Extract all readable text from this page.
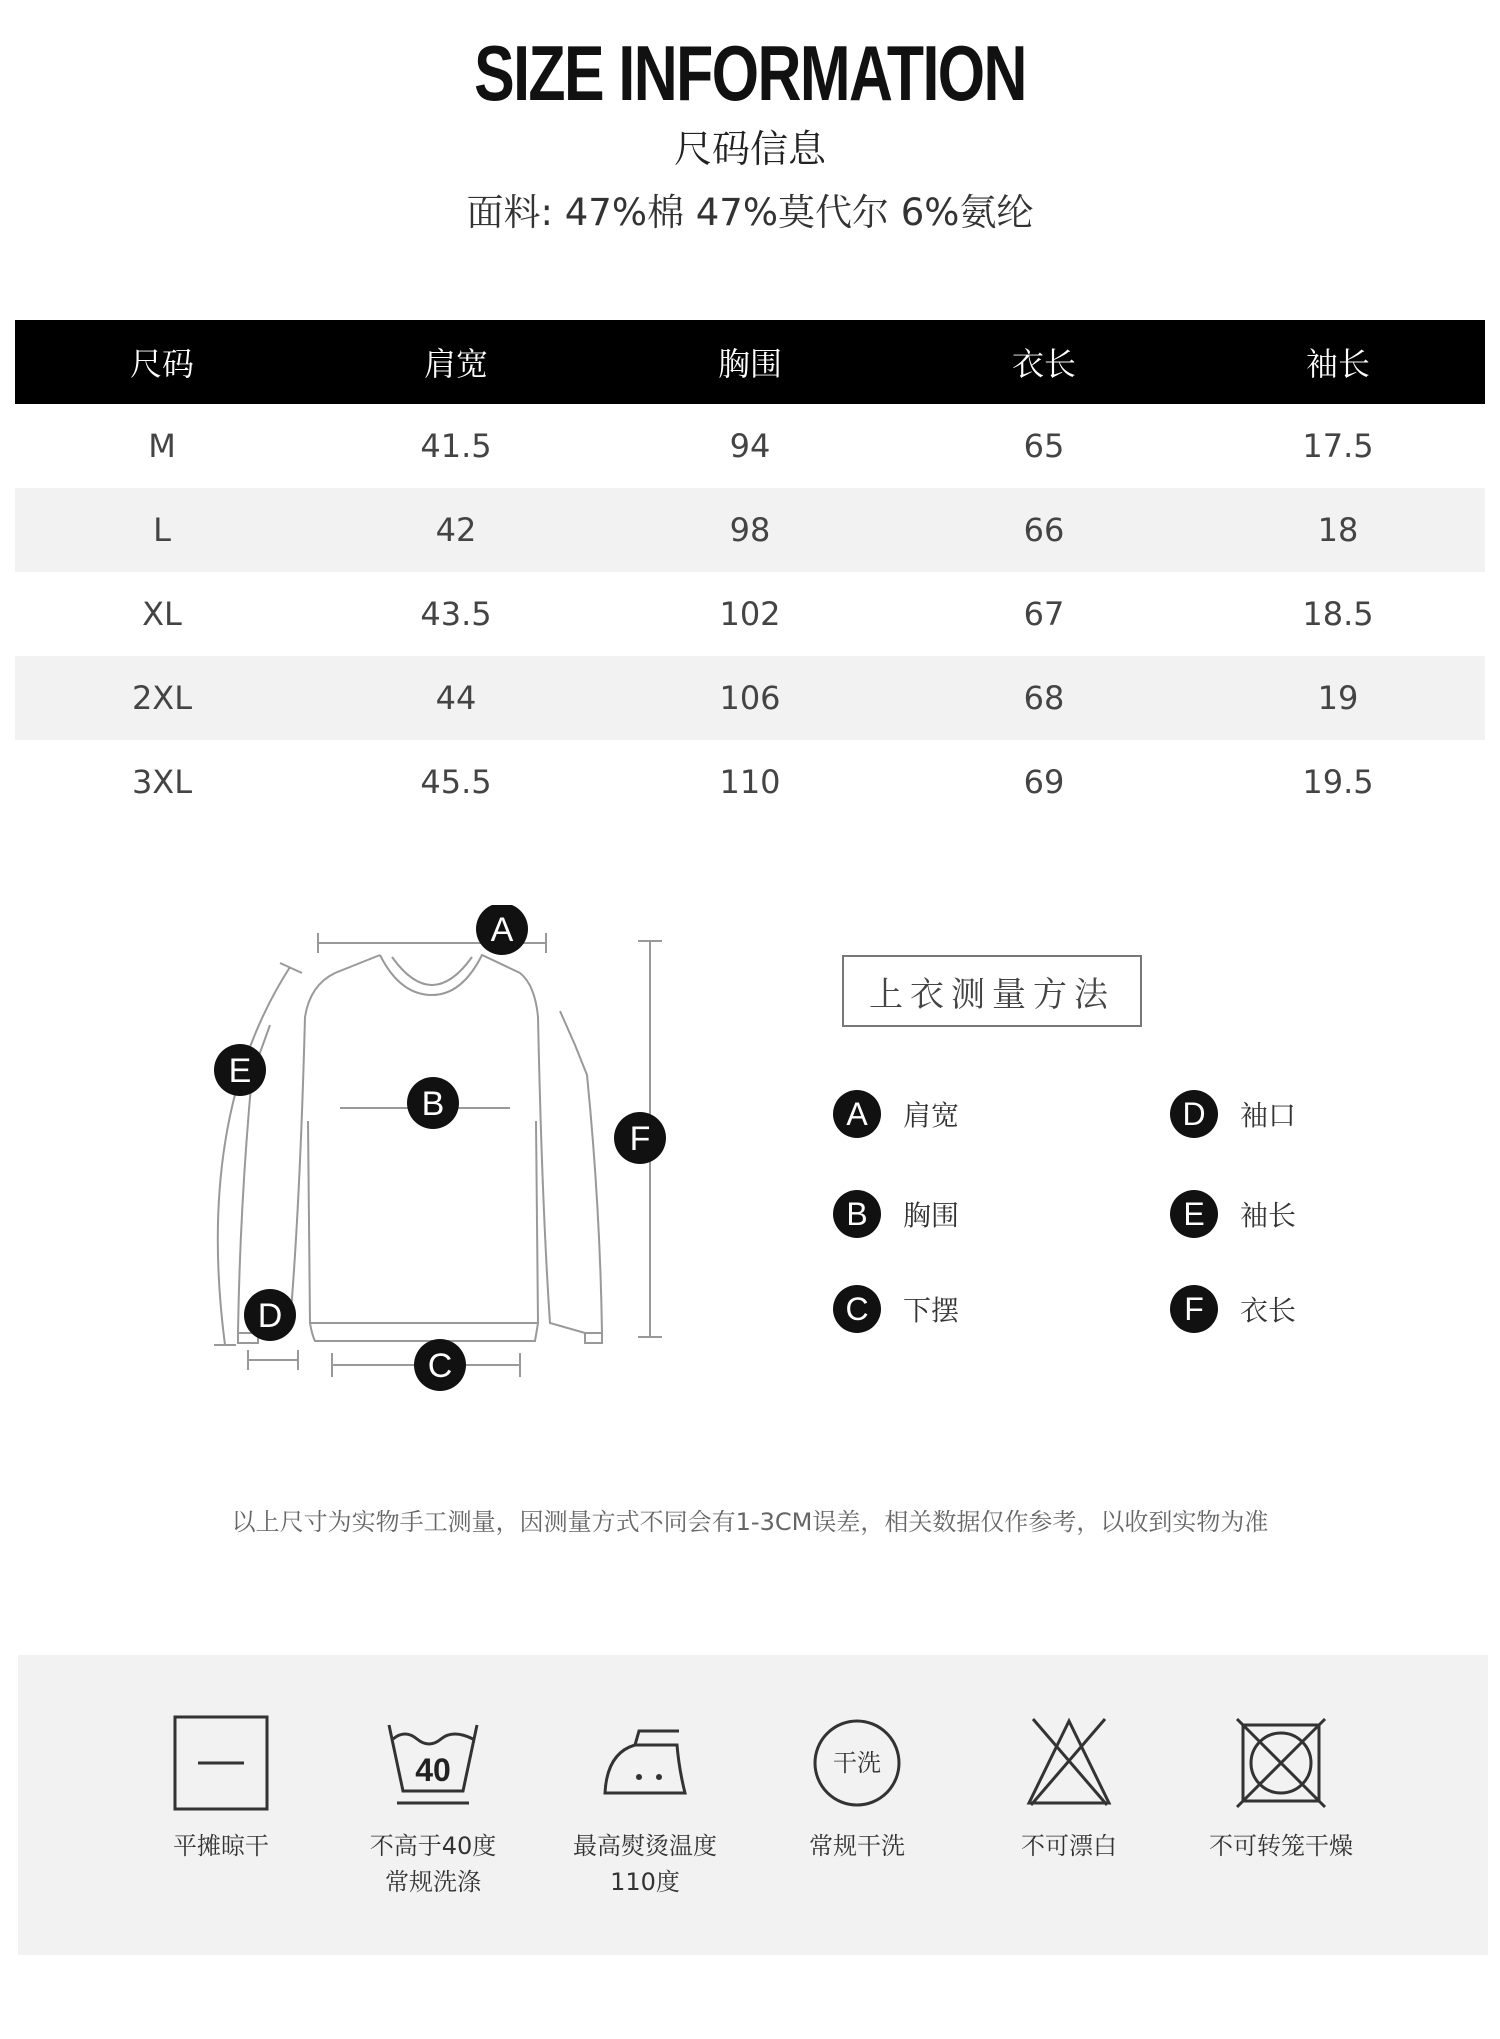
SIZE INFORMATION
尺码信息
面料: 47%棉 47%莫代尔 6%氨纶
尺码	肩宽	胸围	衣长	袖长
M	41.5	94	65	17.5
L	42	98	66	18
XL	43.5	102	67	18.5
2XL	44	106	68	19
3XL	45.5	110	69	19.5
A
B
C
D
E
F
上衣测量方法
A	肩宽	D	袖口
B	胸围	E	袖长
C	下摆	F	衣长
以上尺寸为实物手工测量，因测量方式不同会有1-3CM误差，相关数据仅作参考，以收到实物为准
平摊晾干
40
不高于40度
常规洗涤
最高熨烫温度
110度
干洗
常规干洗	不可漂白	不可转笼干燥
